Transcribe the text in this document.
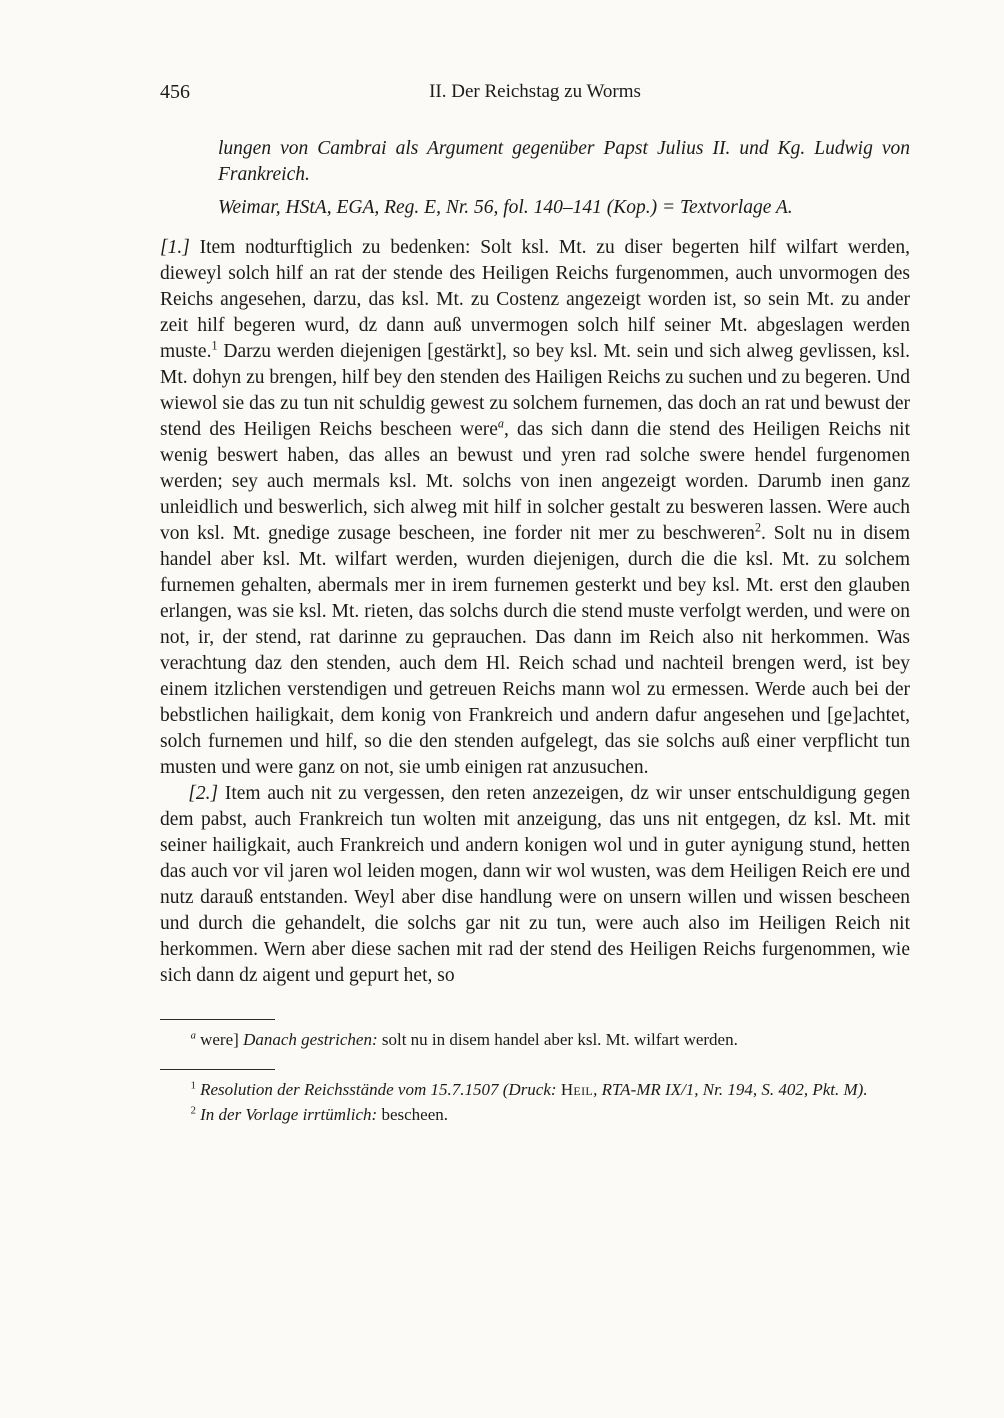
456	II. Der Reichstag zu Worms

lungen von Cambrai als Argument gegenüber Papst Julius II. und Kg. Ludwig von Frankreich.

Weimar, HStA, EGA, Reg. E, Nr. 56, fol. 140–141 (Kop.) = Textvorlage A.

[1.] Item nodturftiglich zu bedenken: Solt ksl. Mt. zu diser begerten hilf wilfart werden, dieweyl solch hilf an rat der stende des Heiligen Reichs furgenommen, auch unvormogen des Reichs angesehen, darzu, das ksl. Mt. zu Costenz angezeigt worden ist, so sein Mt. zu ander zeit hilf begeren wurd, dz dann auß unvermogen solch hilf seiner Mt. abgeslagen werden muste.$^1$ Darzu werden diejenigen [gestärkt], so bey ksl. Mt. sein und sich alweg gevlissen, ksl. Mt. dohyn zu brengen, hilf bey den stenden des Hailigen Reichs zu suchen und zu begeren. Und wiewol sie das zu tun nit schuldig gewest zu solchem furnemen, das doch an rat und bewust der stend des Heiligen Reichs bescheen were$^a$, das sich dann die stend des Heiligen Reichs nit wenig beswert haben, das alles an bewust und yren rad solche swere hendel furgenomen werden; sey auch mermals ksl. Mt. solchs von inen angezeigt worden. Darumb inen ganz unleidlich und beswerlich, sich alweg mit hilf in solcher gestalt zu besweren lassen. Were auch von ksl. Mt. gnedige zusage bescheen, ine forder nit mer zu beschweren$^2$. Solt nu in disem handel aber ksl. Mt. wilfart werden, wurden diejenigen, durch die die ksl. Mt. zu solchem furnemen gehalten, abermals mer in irem furnemen gesterkt und bey ksl. Mt. erst den glauben erlangen, was sie ksl. Mt. rieten, das solchs durch die stend muste verfolgt werden, und were on not, ir, der stend, rat darinne zu geprauchen. Das dann im Reich also nit herkommen. Was verachtung daz den stenden, auch dem Hl. Reich schad und nachteil brengen werd, ist bey einem itzlichen verstendigen und getreuen Reichs mann wol zu ermessen. Werde auch bei der bebstlichen hailigkait, dem konig von Frankreich und andern dafur angesehen und [ge]achtet, solch furnemen und hilf, so die den stenden aufgelegt, das sie solchs auß einer verpflicht tun musten und were ganz on not, sie umb einigen rat anzusuchen.

[2.] Item auch nit zu vergessen, den reten anzezeigen, dz wir unser entschuldigung gegen dem pabst, auch Frankreich tun wolten mit anzeigung, das uns nit entgegen, dz ksl. Mt. mit seiner hailigkait, auch Frankreich und andern konigen wol und in guter aynigung stund, hetten das auch vor vil jaren wol leiden mogen, dann wir wol wusten, was dem Heiligen Reich ere und nutz darauß entstanden. Weyl aber dise handlung were on unsern willen und wissen bescheen und durch die gehandelt, die solchs gar nit zu tun, were auch also im Heiligen Reich nit herkommen. Wern aber diese sachen mit rad der stend des Heiligen Reichs furgenommen, wie sich dann dz aigent und gepurt het, so

$^a$ were] Danach gestrichen: solt nu in disem handel aber ksl. Mt. wilfart werden.

$^1$ Resolution der Reichsstände vom 15.7.1507 (Druck: Heil, RTA-MR IX/1, Nr. 194, S. 402, Pkt. M).

$^2$ In der Vorlage irrtümlich: bescheen.
